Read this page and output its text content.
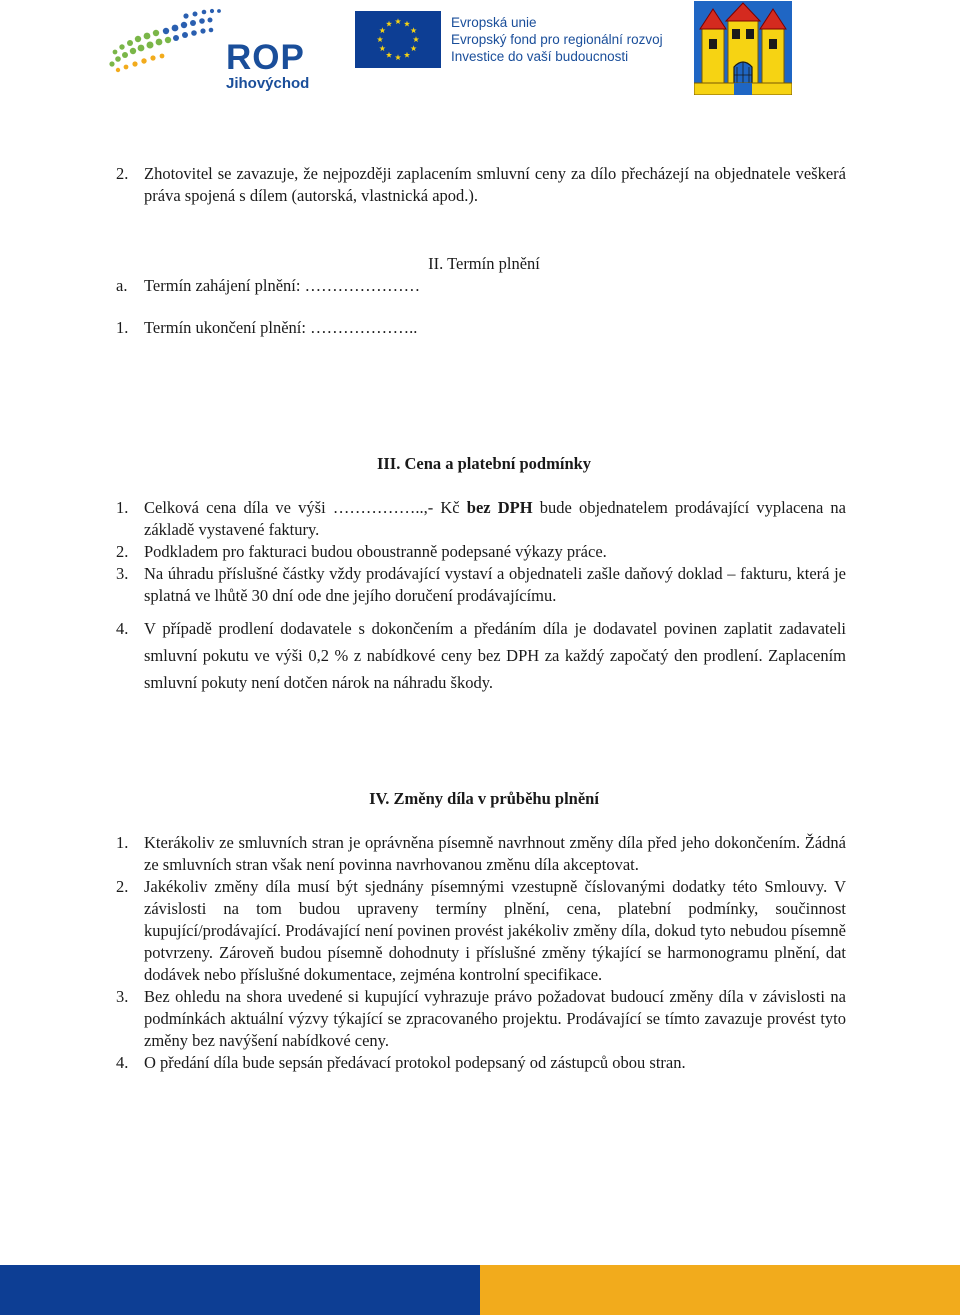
ROP
Jihovýchod
Evropská unie
Evropský fond pro regionální rozvoj
Investice do vaší budoucnosti
2. Zhotovitel se zavazuje, že nejpozději zaplacením smluvní ceny za dílo přecházejí na objednatele veškerá práva spojená s dílem (autorská, vlastnická apod.).
II. Termín plnění
a. Termín zahájení plnění: …………………
1. Termín ukončení plnění: ………………..
III. Cena a platební podmínky
1. Celková cena díla ve výši ……………..,- Kč bez DPH bude objednatelem prodávající vyplacena na základě vystavené faktury.
2. Podkladem pro fakturaci budou oboustranně podepsané výkazy práce.
3. Na úhradu příslušné částky vždy prodávající vystaví a objednateli zašle daňový doklad – fakturu, která je splatná ve lhůtě 30 dní ode dne jejího doručení prodávajícímu.
4. V případě prodlení dodavatele s dokončením a předáním díla je dodavatel povinen zaplatit zadavateli smluvní pokutu ve výši 0,2 % z nabídkové ceny bez DPH za každý započatý den prodlení. Zaplacením smluvní pokuty není dotčen nárok na náhradu škody.
IV. Změny díla v průběhu plnění
1. Kterákoliv ze smluvních stran je oprávněna písemně navrhnout změny díla před jeho dokončením. Žádná ze smluvních stran však není povinna navrhovanou změnu díla akceptovat.
2. Jakékoliv změny díla musí být sjednány písemnými vzestupně číslovanými dodatky této Smlouvy. V závislosti na tom budou upraveny termíny plnění, cena, platební podmínky, součinnost kupující/prodávající. Prodávající není povinen provést jakékoliv změny díla, dokud tyto nebudou písemně potvrzeny. Zároveň budou písemně dohodnuty i příslušné změny týkající se harmonogramu plnění, dat dodávek nebo příslušné dokumentace, zejména kontrolní specifikace.
3. Bez ohledu na shora uvedené si kupující vyhrazuje právo požadovat budoucí změny díla v závislosti na podmínkách aktuální výzvy týkající se zpracovaného projektu. Prodávající se tímto zavazuje provést tyto změny bez navýšení nabídkové ceny.
4. O předání díla bude sepsán předávací protokol podepsaný od zástupců obou stran.
